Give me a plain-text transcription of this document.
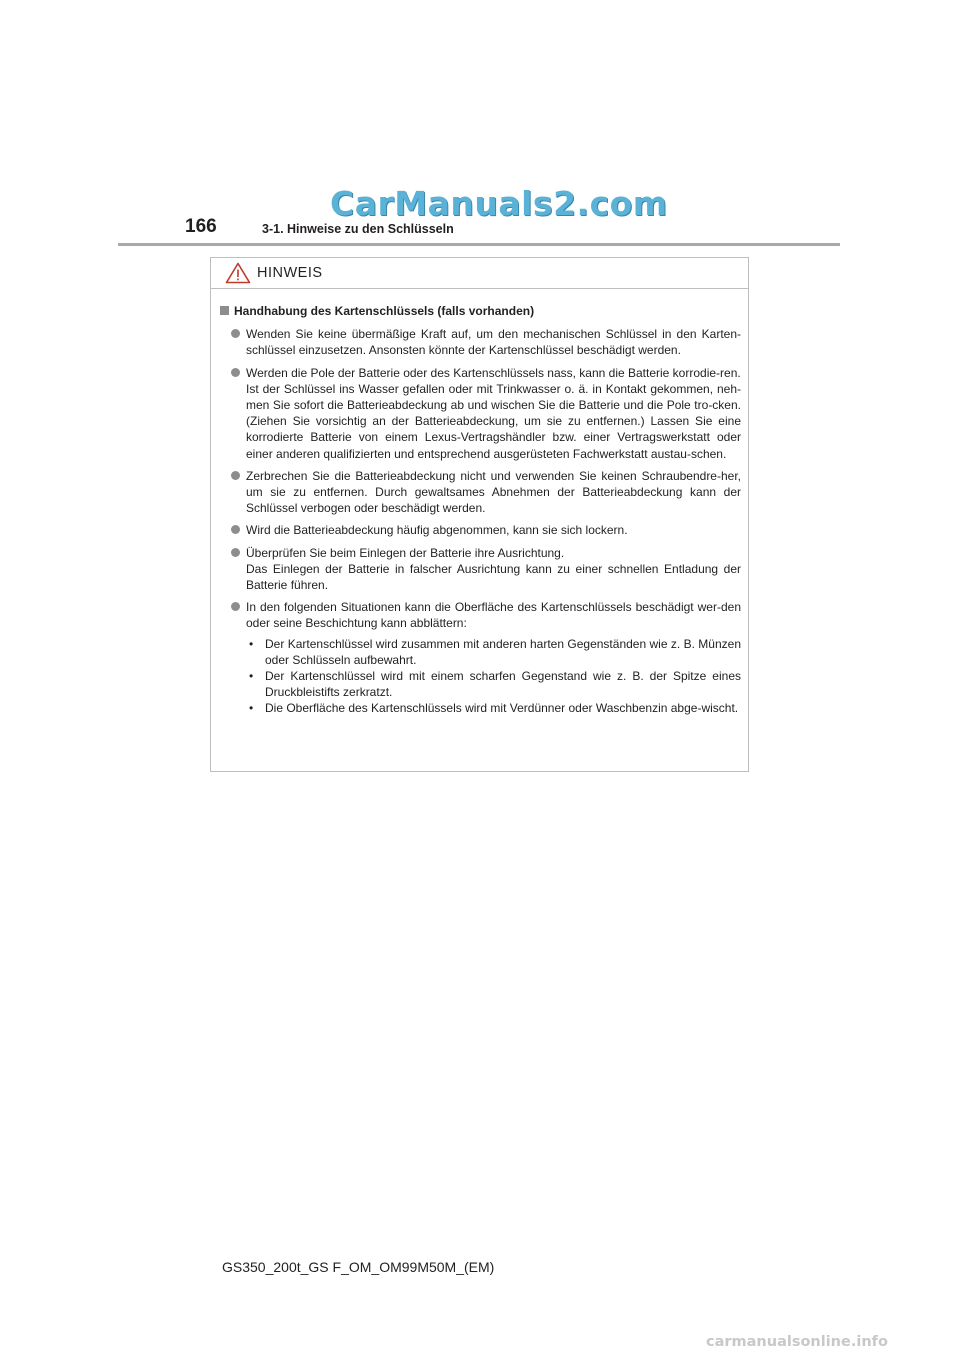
CarManuals2.com
166	3-1. Hinweise zu den Schlüsseln
HINWEIS
Handhabung des Kartenschlüssels (falls vorhanden)

Wenden Sie keine übermäßige Kraft auf, um den mechanischen Schlüssel in den Karten-schlüssel einzusetzen. Ansonsten könnte der Kartenschlüssel beschädigt werden.

Werden die Pole der Batterie oder des Kartenschlüssels nass, kann die Batterie korrodie-ren.

Ist der Schlüssel ins Wasser gefallen oder mit Trinkwasser o. ä. in Kontakt gekommen, neh-men Sie sofort die Batterieabdeckung ab und wischen Sie die Batterie und die Pole tro-cken. (Ziehen Sie vorsichtig an der Batterieabdeckung, um sie zu entfernen.) Lassen Sie eine korrodierte Batterie von einem Lexus-Vertragshändler bzw. einer Vertragswerkstatt oder einer anderen qualifizierten und entsprechend ausgerüsteten Fachwerkstatt austau-schen.

Zerbrechen Sie die Batterieabdeckung nicht und verwenden Sie keinen Schraubendre-her, um sie zu entfernen. Durch gewaltsames Abnehmen der Batterieabdeckung kann der Schlüssel verbogen oder beschädigt werden.

Wird die Batterieabdeckung häufig abgenommen, kann sie sich lockern.

Überprüfen Sie beim Einlegen der Batterie ihre Ausrichtung.

Das Einlegen der Batterie in falscher Ausrichtung kann zu einer schnellen Entladung der Batterie führen.

In den folgenden Situationen kann die Oberfläche des Kartenschlüssels beschädigt wer-den oder seine Beschichtung kann abblättern:

• Der Kartenschlüssel wird zusammen mit anderen harten Gegenständen wie z. B. Münzen oder Schlüsseln aufbewahrt.
• Der Kartenschlüssel wird mit einem scharfen Gegenstand wie z. B. der Spitze eines Druckbleistifts zerkratzt.
• Die Oberfläche des Kartenschlüssels wird mit Verdünner oder Waschbenzin abge-wischt.
GS350_200t_GS F_OM_OM99M50M_(EM)
carmanualsonline.info
